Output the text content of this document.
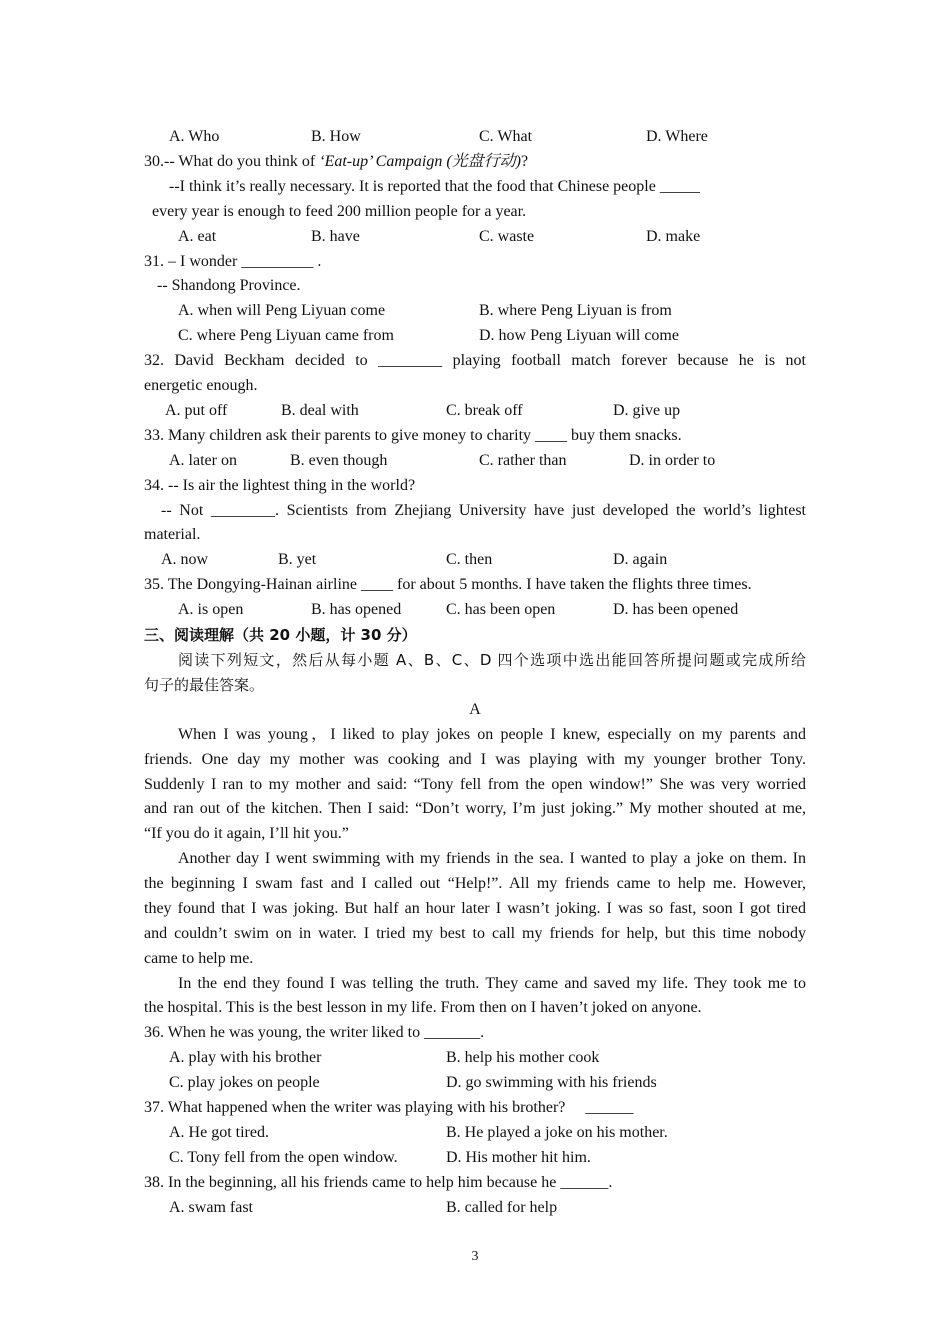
A. Who	B. How	C. What	D. Where
30.-- What do you think of ‘Eat-up’ Campaign (光盘行动)?
--I think it’s really necessary. It is reported that the food that Chinese people _____
every year is enough to feed 200 million people for a year.
A. eat	B. have	C. waste	D. make
31. – I wonder _________ .
-- Shandong Province.
A. when will Peng Liyuan come	B. where Peng Liyuan is from
C. where Peng Liyuan came from	D. how Peng Liyuan will come
32. David Beckham decided to ________ playing football match forever because he is not
energetic enough.
A. put off	B. deal with	C. break off	D. give up
33. Many children ask their parents to give money to charity ____ buy them snacks.
A. later on	B. even though	C. rather than	D. in order to
34. -- Is air the lightest thing in the world?
-- Not ________. Scientists from Zhejiang University have just developed the world’s lightest
material.
A. now	B. yet	C. then	D. again
35. The Dongying-Hainan airline ____ for about 5 months. I have taken the flights three times.
A. is open	B. has opened	C. has been open	D. has been opened
三、阅读理解（共 20 小题，计 30 分）
阅读下列短文，然后从每小题 A、B、C、D 四个选项中选出能回答所提问题或完成所给
句子的最佳答案。
A
When I was young，I liked to play jokes on people I knew, especially on my parents and
friends. One day my mother was cooking and I was playing with my younger brother Tony.
Suddenly I ran to my mother and said: “Tony fell from the open window!” She was very worried
and ran out of the kitchen. Then I said: “Don’t worry, I’m just joking.” My mother shouted at me,
“If you do it again, I’ll hit you.”
Another day I went swimming with my friends in the sea. I wanted to play a joke on them. In
the beginning I swam fast and I called out “Help!”. All my friends came to help me. However,
they found that I was joking. But half an hour later I wasn’t joking. I was so fast, soon I got tired
and couldn’t swim on in water. I tried my best to call my friends for help, but this time nobody
came to help me.
In the end they found I was telling the truth. They came and saved my life. They took me to
the hospital. This is the best lesson in my life. From then on I haven’t joked on anyone.
36. When he was young, the writer liked to _______.
A. play with his brother	B. help his mother cook
C. play jokes on people	D. go swimming with his friends
37. What happened when the writer was playing with his brother?     ______
A. He got tired.	B. He played a joke on his mother.
C. Tony fell from the open window.	D. His mother hit him.
38. In the beginning, all his friends came to help him because he ______.
A. swam fast	B. called for help
3
